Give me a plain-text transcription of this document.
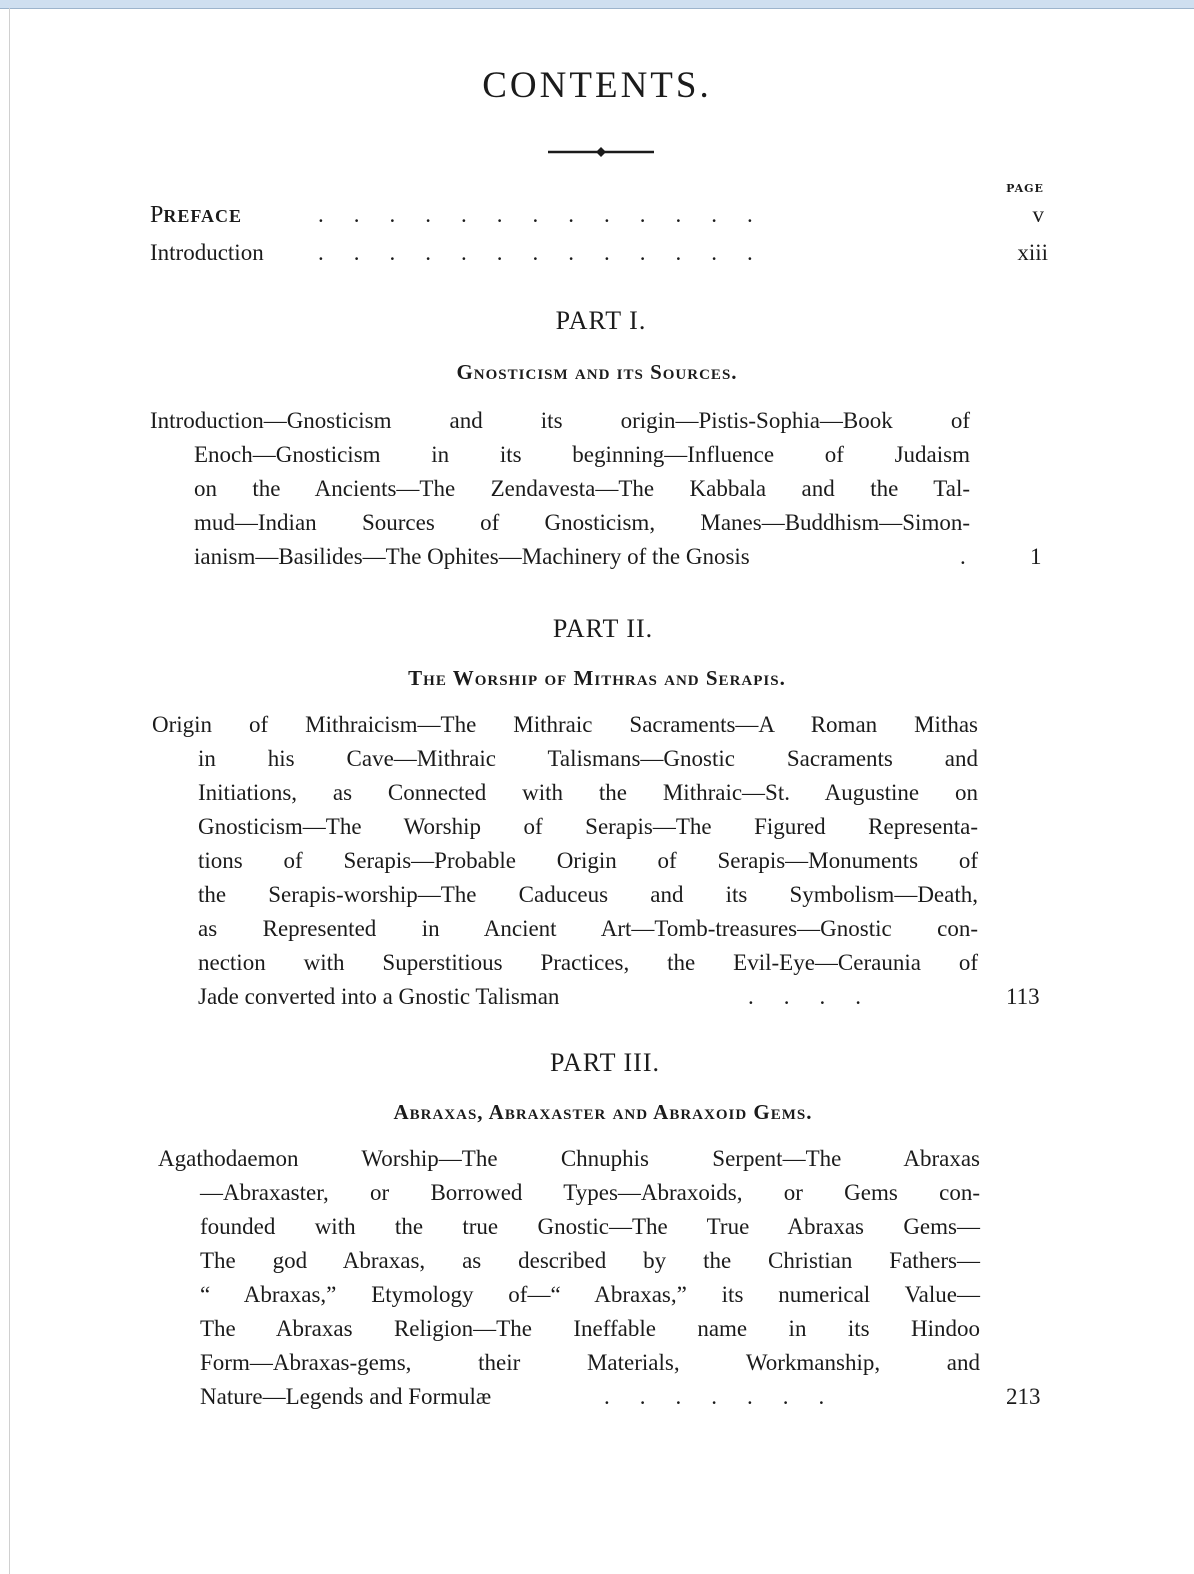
CONTENTS.
PAGE
PREFACE	.............	v
Introduction .............	xiii
PART I.
Gnosticism and its Sources.
Introduction—Gnosticism and its origin—Pistis-Sophia—Book of
Enoch—Gnosticism in its beginning—Influence of Judaism
on the Ancients—The Zendavesta—The Kabbala and the Tal-
mud—Indian Sources of Gnosticism, Manes—Buddhism—Simon-
ianism—Basilides—The Ophites—Machinery of the Gnosis	. 1
PART II.
The Worship of Mithras and Serapis.
Origin of Mithraicism—The Mithraic Sacraments—A Roman Mithas
in his Cave—Mithraic Talismans—Gnostic Sacraments and
Initiations, as Connected with the Mithraic—St. Augustine on
Gnosticism—The Worship of Serapis—The Figured Representa-
tions of Serapis—Probable Origin of Serapis—Monuments of
the Serapis-worship—The Caduceus and its Symbolism—Death,
as Represented in Ancient Art—Tomb-treasures—Gnostic con-
nection with Superstitious Practices, the Evil-Eye—Ceraunia of
Jade converted into a Gnostic Talisman	....	113
PART III.
Abraxas, Abraxaster and Abraxoid Gems.
Agathodaemon Worship—The Chnuphis Serpent—The Abraxas
—Abraxaster, or Borrowed Types—Abraxoids, or Gems con-
founded with the true Gnostic—The True Abraxas Gems—
The god Abraxas, as described by the Christian Fathers—
“ Abraxas,” Etymology of—“ Abraxas,” its numerical Value—
The Abraxas Religion—The Ineffable name in its Hindoo
Form—Abraxas-gems, their Materials, Workmanship, and
Nature—Legends and Formulæ	.......	213
